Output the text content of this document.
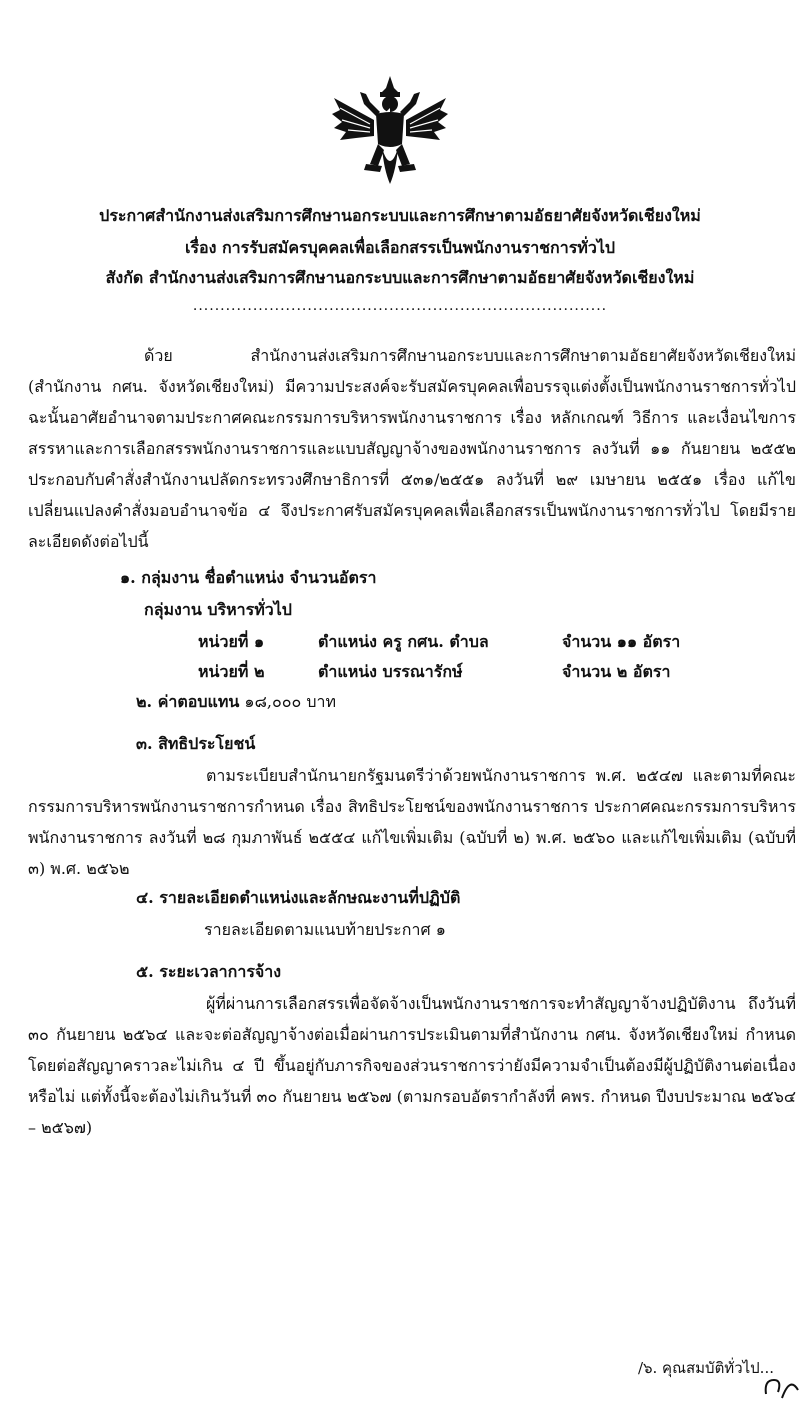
ประกาศสำนักงานส่งเสริมการศึกษานอกระบบและการศึกษาตามอัธยาศัยจังหวัดเชียงใหม่
เรื่อง การรับสมัครบุคคลเพื่อเลือกสรรเป็นพนักงานราชการทั่วไป
สังกัด สำนักงานส่งเสริมการศึกษานอกระบบและการศึกษาตามอัธยาศัยจังหวัดเชียงใหม่
............................................................................
ด้วย สำนักงานส่งเสริมการศึกษานอกระบบและการศึกษาตามอัธยาศัยจังหวัดเชียงใหม่ (สำนักงาน กศน. จังหวัดเชียงใหม่) มีความประสงค์จะรับสมัครบุคคลเพื่อบรรจุแต่งตั้งเป็นพนักงานราชการทั่วไป ฉะนั้นอาศัยอำนาจตามประกาศคณะกรรมการบริหารพนักงานราชการ เรื่อง หลักเกณฑ์ วิธีการ และเงื่อนไขการสรรหาและการเลือกสรรพนักงานราชการและแบบสัญญาจ้างของพนักงานราชการ ลงวันที่ ๑๑ กันยายน ๒๕๕๒ ประกอบกับคำสั่งสำนักงานปลัดกระทรวงศึกษาธิการที่ ๕๓๑/๒๕๕๑ ลงวันที่ ๒๙ เมษายน ๒๕๕๑ เรื่อง แก้ไขเปลี่ยนแปลงคำสั่งมอบอำนาจข้อ ๔ จึงประกาศรับสมัครบุคคลเพื่อเลือกสรรเป็นพนักงานราชการทั่วไป โดยมีรายละเอียดดังต่อไปนี้
๑. กลุ่มงาน ชื่อตำแหน่ง จำนวนอัตรา
กลุ่มงาน บริหารทั่วไป
หน่วยที่ ๑	ตำแหน่ง ครู กศน. ตำบล	จำนวน ๑๑ อัตรา
หน่วยที่ ๒	ตำแหน่ง บรรณารักษ์	จำนวน ๒ อัตรา
๒. ค่าตอบแทน ๑๘,๐๐๐ บาท
๓. สิทธิประโยชน์
ตามระเบียบสำนักนายกรัฐมนตรีว่าด้วยพนักงานราชการ พ.ศ. ๒๕๔๗ และตามที่คณะกรรมการบริหารพนักงานราชการกำหนด เรื่อง สิทธิประโยชน์ของพนักงานราชการ ประกาศคณะกรรมการบริหารพนักงานราชการ ลงวันที่ ๒๘ กุมภาพันธ์ ๒๕๕๔ แก้ไขเพิ่มเติม (ฉบับที่ ๒) พ.ศ. ๒๕๖๐ และแก้ไขเพิ่มเติม (ฉบับที่ ๓) พ.ศ. ๒๕๖๒
๔. รายละเอียดตำแหน่งและลักษณะงานที่ปฏิบัติ
รายละเอียดตามแนบท้ายประกาศ ๑
๕. ระยะเวลาการจ้าง
ผู้ที่ผ่านการเลือกสรรเพื่อจัดจ้างเป็นพนักงานราชการจะทำสัญญาจ้างปฏิบัติงาน ถึงวันที่ ๓๐ กันยายน ๒๕๖๔ และจะต่อสัญญาจ้างต่อเมื่อผ่านการประเมินตามที่สำนักงาน กศน. จังหวัดเชียงใหม่ กำหนด โดยต่อสัญญาคราวละไม่เกิน ๔ ปี ขึ้นอยู่กับภารกิจของส่วนราชการว่ายังมีความจำเป็นต้องมีผู้ปฏิบัติงานต่อเนื่องหรือไม่ แต่ทั้งนี้จะต้องไม่เกินวันที่ ๓๐ กันยายน ๒๕๖๗ (ตามกรอบอัตรากำลังที่ คพร. กำหนด ปีงบประมาณ ๒๕๖๔ – ๒๕๖๗)
/๖. คุณสมบัติทั่วไป...
